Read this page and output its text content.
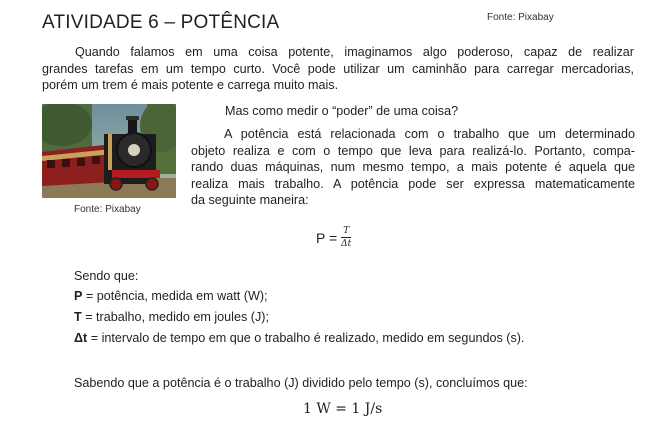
ATIVIDADE 6 – POTÊNCIA	Fonte: Pixabay
Quando falamos em uma coisa potente, imaginamos algo poderoso, capaz de realizar
grandes tarefas em um tempo curto. Você pode utilizar um caminhão para carregar mercadorias,
porém um trem é mais potente e carrega muito mais.
Fonte: Pixabay
Mas como medir o “poder” de uma coisa?
A potência está relacionada com o trabalho que um determinado
objeto realiza e com o tempo que leva para realizá-lo. Portanto, compa-
rando duas máquinas, num mesmo tempo, a mais potente é aquela que
realiza mais trabalho. A potência pode ser expressa matematicamente
da seguinte maneira:
$P = \frac{T}{\Delta t}$
Sendo que:
P = potência, medida em watt (W);
T = trabalho, medido em joules (J);
Δt = intervalo de tempo em que o trabalho é realizado, medido em segundos (s).
Sabendo que a potência é o trabalho (J) dividido pelo tempo (s), concluímos que:
1 W = 1 J/s
